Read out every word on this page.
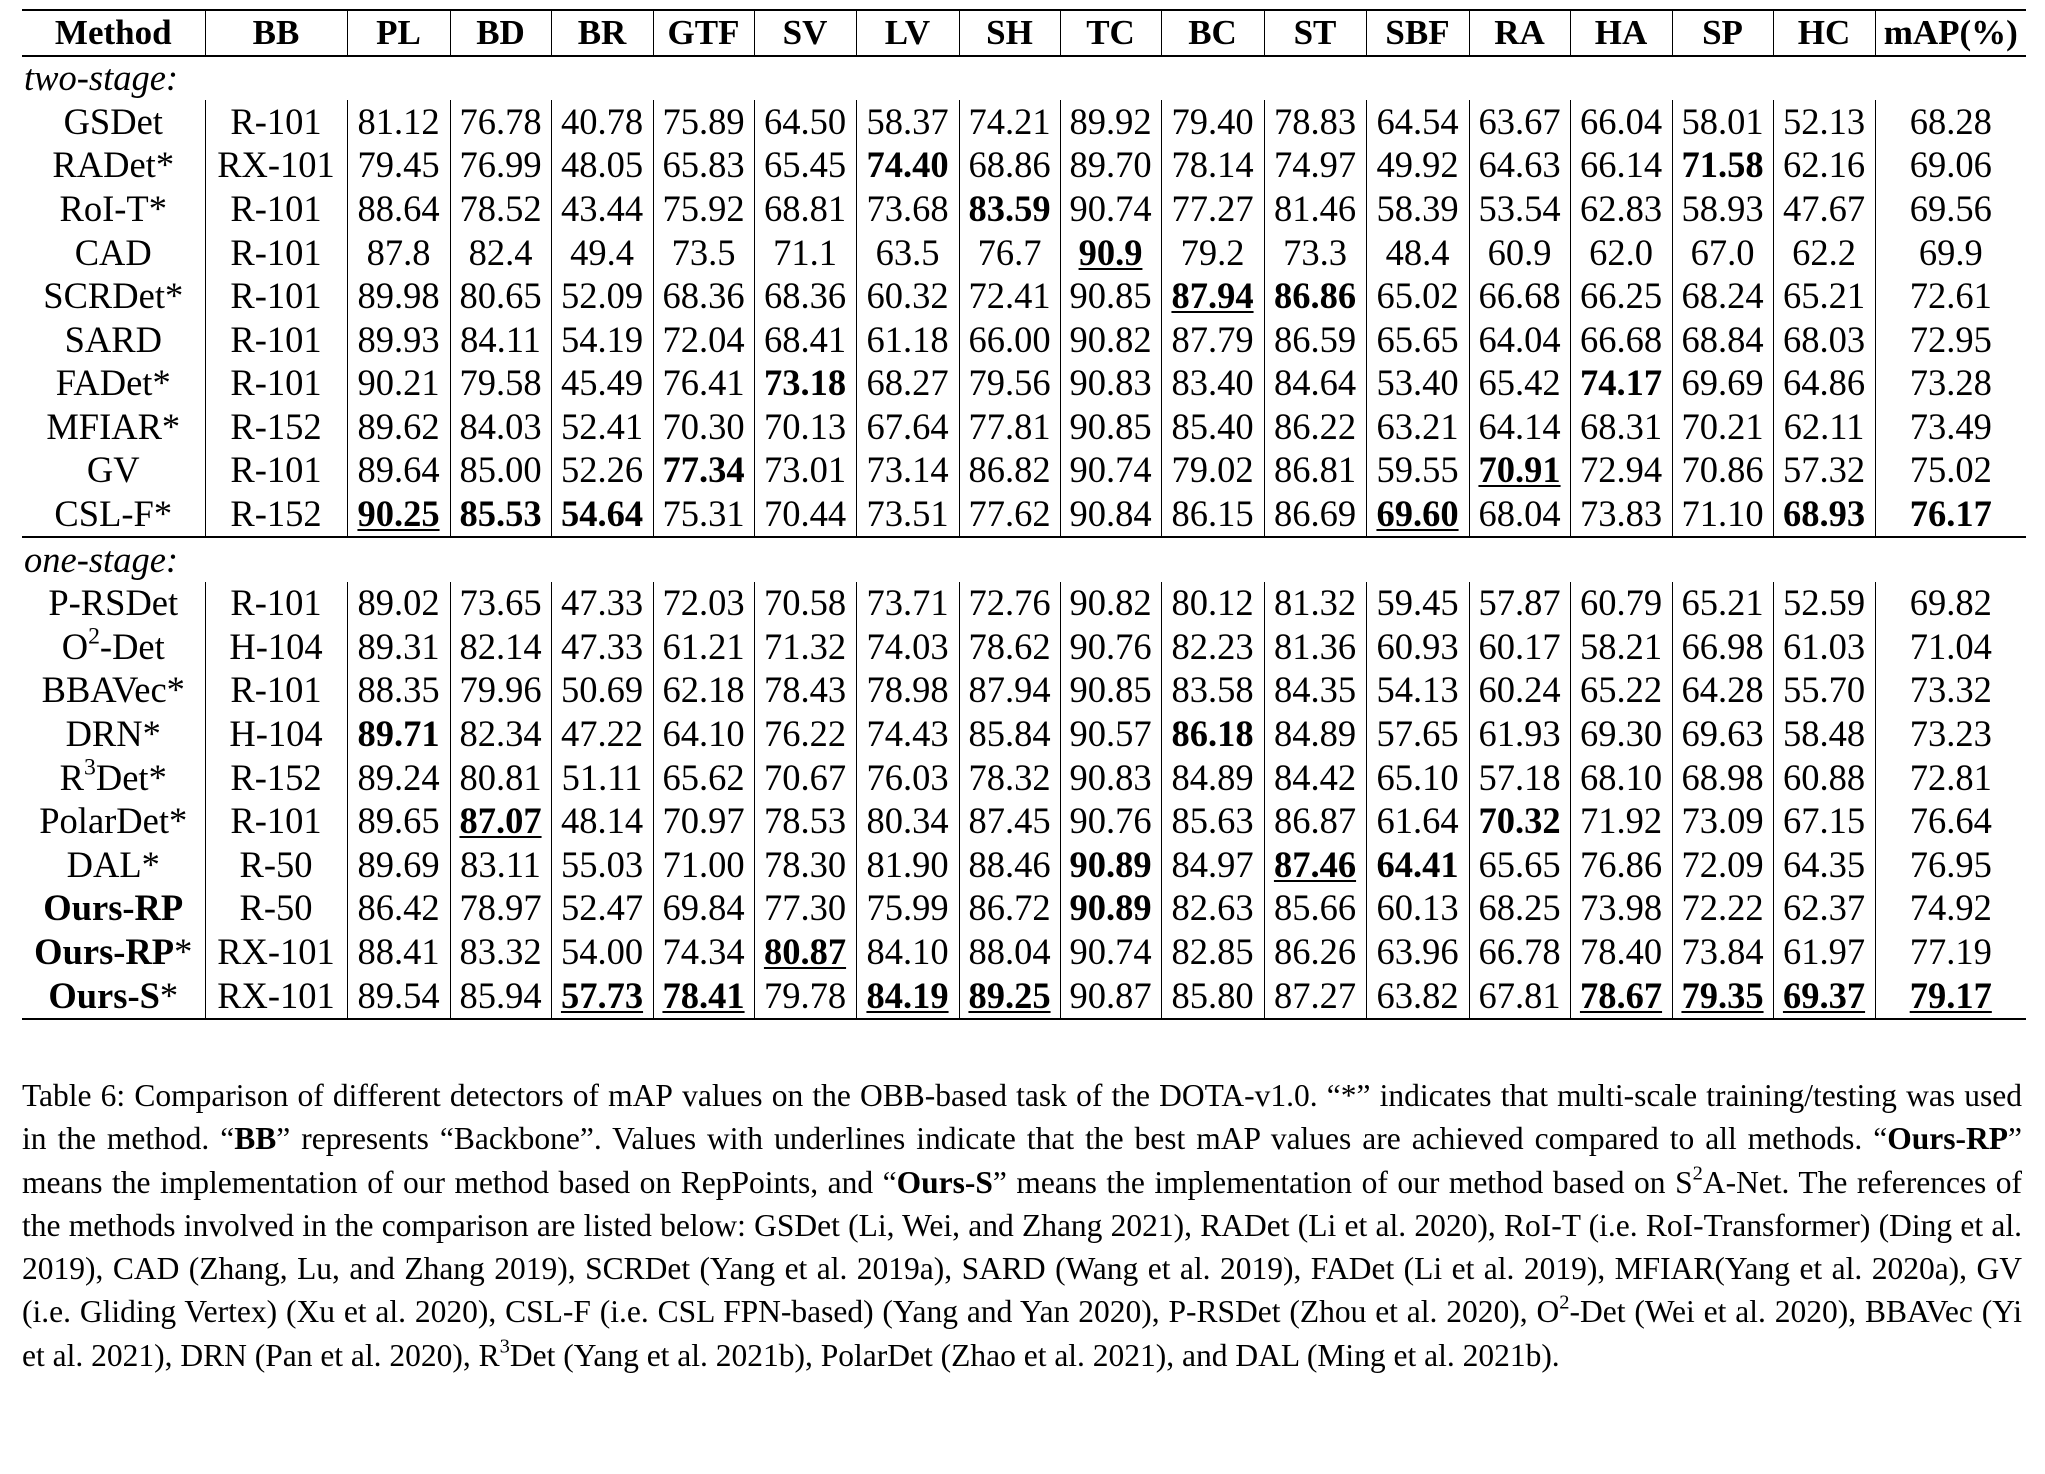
Method	BB	PL	BD	BR	GTF	SV	LV	SH	TC	BC	ST	SBF	RA	HA	SP	HC	mAP(%)
two-stage:																	
GSDet	R-101	81.12	76.78	40.78	75.89	64.50	58.37	74.21	89.92	79.40	78.83	64.54	63.67	66.04	58.01	52.13	68.28
RADet*	RX-101	79.45	76.99	48.05	65.83	65.45	74.40	68.86	89.70	78.14	74.97	49.92	64.63	66.14	71.58	62.16	69.06
RoI-T*	R-101	88.64	78.52	43.44	75.92	68.81	73.68	83.59	90.74	77.27	81.46	58.39	53.54	62.83	58.93	47.67	69.56
CAD	R-101	87.8	82.4	49.4	73.5	71.1	63.5	76.7	90.9	79.2	73.3	48.4	60.9	62.0	67.0	62.2	69.9
SCRDet*	R-101	89.98	80.65	52.09	68.36	68.36	60.32	72.41	90.85	87.94	86.86	65.02	66.68	66.25	68.24	65.21	72.61
SARD	R-101	89.93	84.11	54.19	72.04	68.41	61.18	66.00	90.82	87.79	86.59	65.65	64.04	66.68	68.84	68.03	72.95
FADet*	R-101	90.21	79.58	45.49	76.41	73.18	68.27	79.56	90.83	83.40	84.64	53.40	65.42	74.17	69.69	64.86	73.28
MFIAR*	R-152	89.62	84.03	52.41	70.30	70.13	67.64	77.81	90.85	85.40	86.22	63.21	64.14	68.31	70.21	62.11	73.49
GV	R-101	89.64	85.00	52.26	77.34	73.01	73.14	86.82	90.74	79.02	86.81	59.55	70.91	72.94	70.86	57.32	75.02
CSL-F*	R-152	90.25	85.53	54.64	75.31	70.44	73.51	77.62	90.84	86.15	86.69	69.60	68.04	73.83	71.10	68.93	76.17
one-stage:																	
P-RSDet	R-101	89.02	73.65	47.33	72.03	70.58	73.71	72.76	90.82	80.12	81.32	59.45	57.87	60.79	65.21	52.59	69.82
$O^2$-Det	H-104	89.31	82.14	47.33	61.21	71.32	74.03	78.62	90.76	82.23	81.36	60.93	60.17	58.21	66.98	61.03	71.04
BBAVec*	R-101	88.35	79.96	50.69	62.18	78.43	78.98	87.94	90.85	83.58	84.35	54.13	60.24	65.22	64.28	55.70	73.32
DRN*	H-104	89.71	82.34	47.22	64.10	76.22	74.43	85.84	90.57	86.18	84.89	57.65	61.93	69.30	69.63	58.48	73.23
$R^3Det*$	R-152	89.24	80.81	51.11	65.62	70.67	76.03	78.32	90.83	84.89	84.42	65.10	57.18	68.10	68.98	60.88	72.81
PolarDet*	R-101	89.65	87.07	48.14	70.97	78.53	80.34	87.45	90.76	85.63	86.87	61.64	70.32	71.92	73.09	67.15	76.64
DAL*	R-50	89.69	83.11	55.03	71.00	78.30	81.90	88.46	90.89	84.97	87.46	64.41	65.65	76.86	72.09	64.35	76.95
Ours-RP	R-50	86.42	78.97	52.47	69.84	77.30	75.99	86.72	90.89	82.63	85.66	60.13	68.25	73.98	72.22	62.37	74.92
Ours-RP*	RX-101	88.41	83.32	54.00	74.34	80.87	84.10	88.04	90.74	82.85	86.26	63.96	66.78	78.40	73.84	61.97	77.19
Ours-S*	RX-101	89.54	85.94	57.73	78.41	79.78	84.19	89.25	90.87	85.80	87.27	63.82	67.81	78.67	79.35	69.37	79.17

Table 6: Comparison of different detectors of mAP values on the OBB-based task of the DOTA-v1.0. “*” indicates that multi-scale training/testing was used in the method. “BB” represents “Backbone”. Values with underlines indicate that the best mAP values are achieved compared to all methods. “Ours-RP” means the implementation of our method based on RepPoints, and “Ours-S” means the implementation of our method based on $S^2A$-Net. The references of the methods involved in the comparison are listed below: GSDet (Li, Wei, and Zhang 2021), RADet (Li et al. 2020), RoI-T (i.e. RoI-Transformer) (Ding et al. 2019), CAD (Zhang, Lu, and Zhang 2019), SCRDet (Yang et al. 2019a), SARD (Wang et al. 2019), FADet (Li et al. 2019), MFIAR(Yang et al. 2020a), GV (i.e. Gliding Vertex) (Xu et al. 2020), CSL-F (i.e. CSL FPN-based) (Yang and Yan 2020), P-RSDet (Zhou et al. 2020), $O^2$-Det (Wei et al. 2020), BBAVec (Yi et al. 2021), DRN (Pan et al. 2020), $R^3Det$ (Yang et al. 2021b), PolarDet (Zhao et al. 2021), and DAL (Ming et al. 2021b).
